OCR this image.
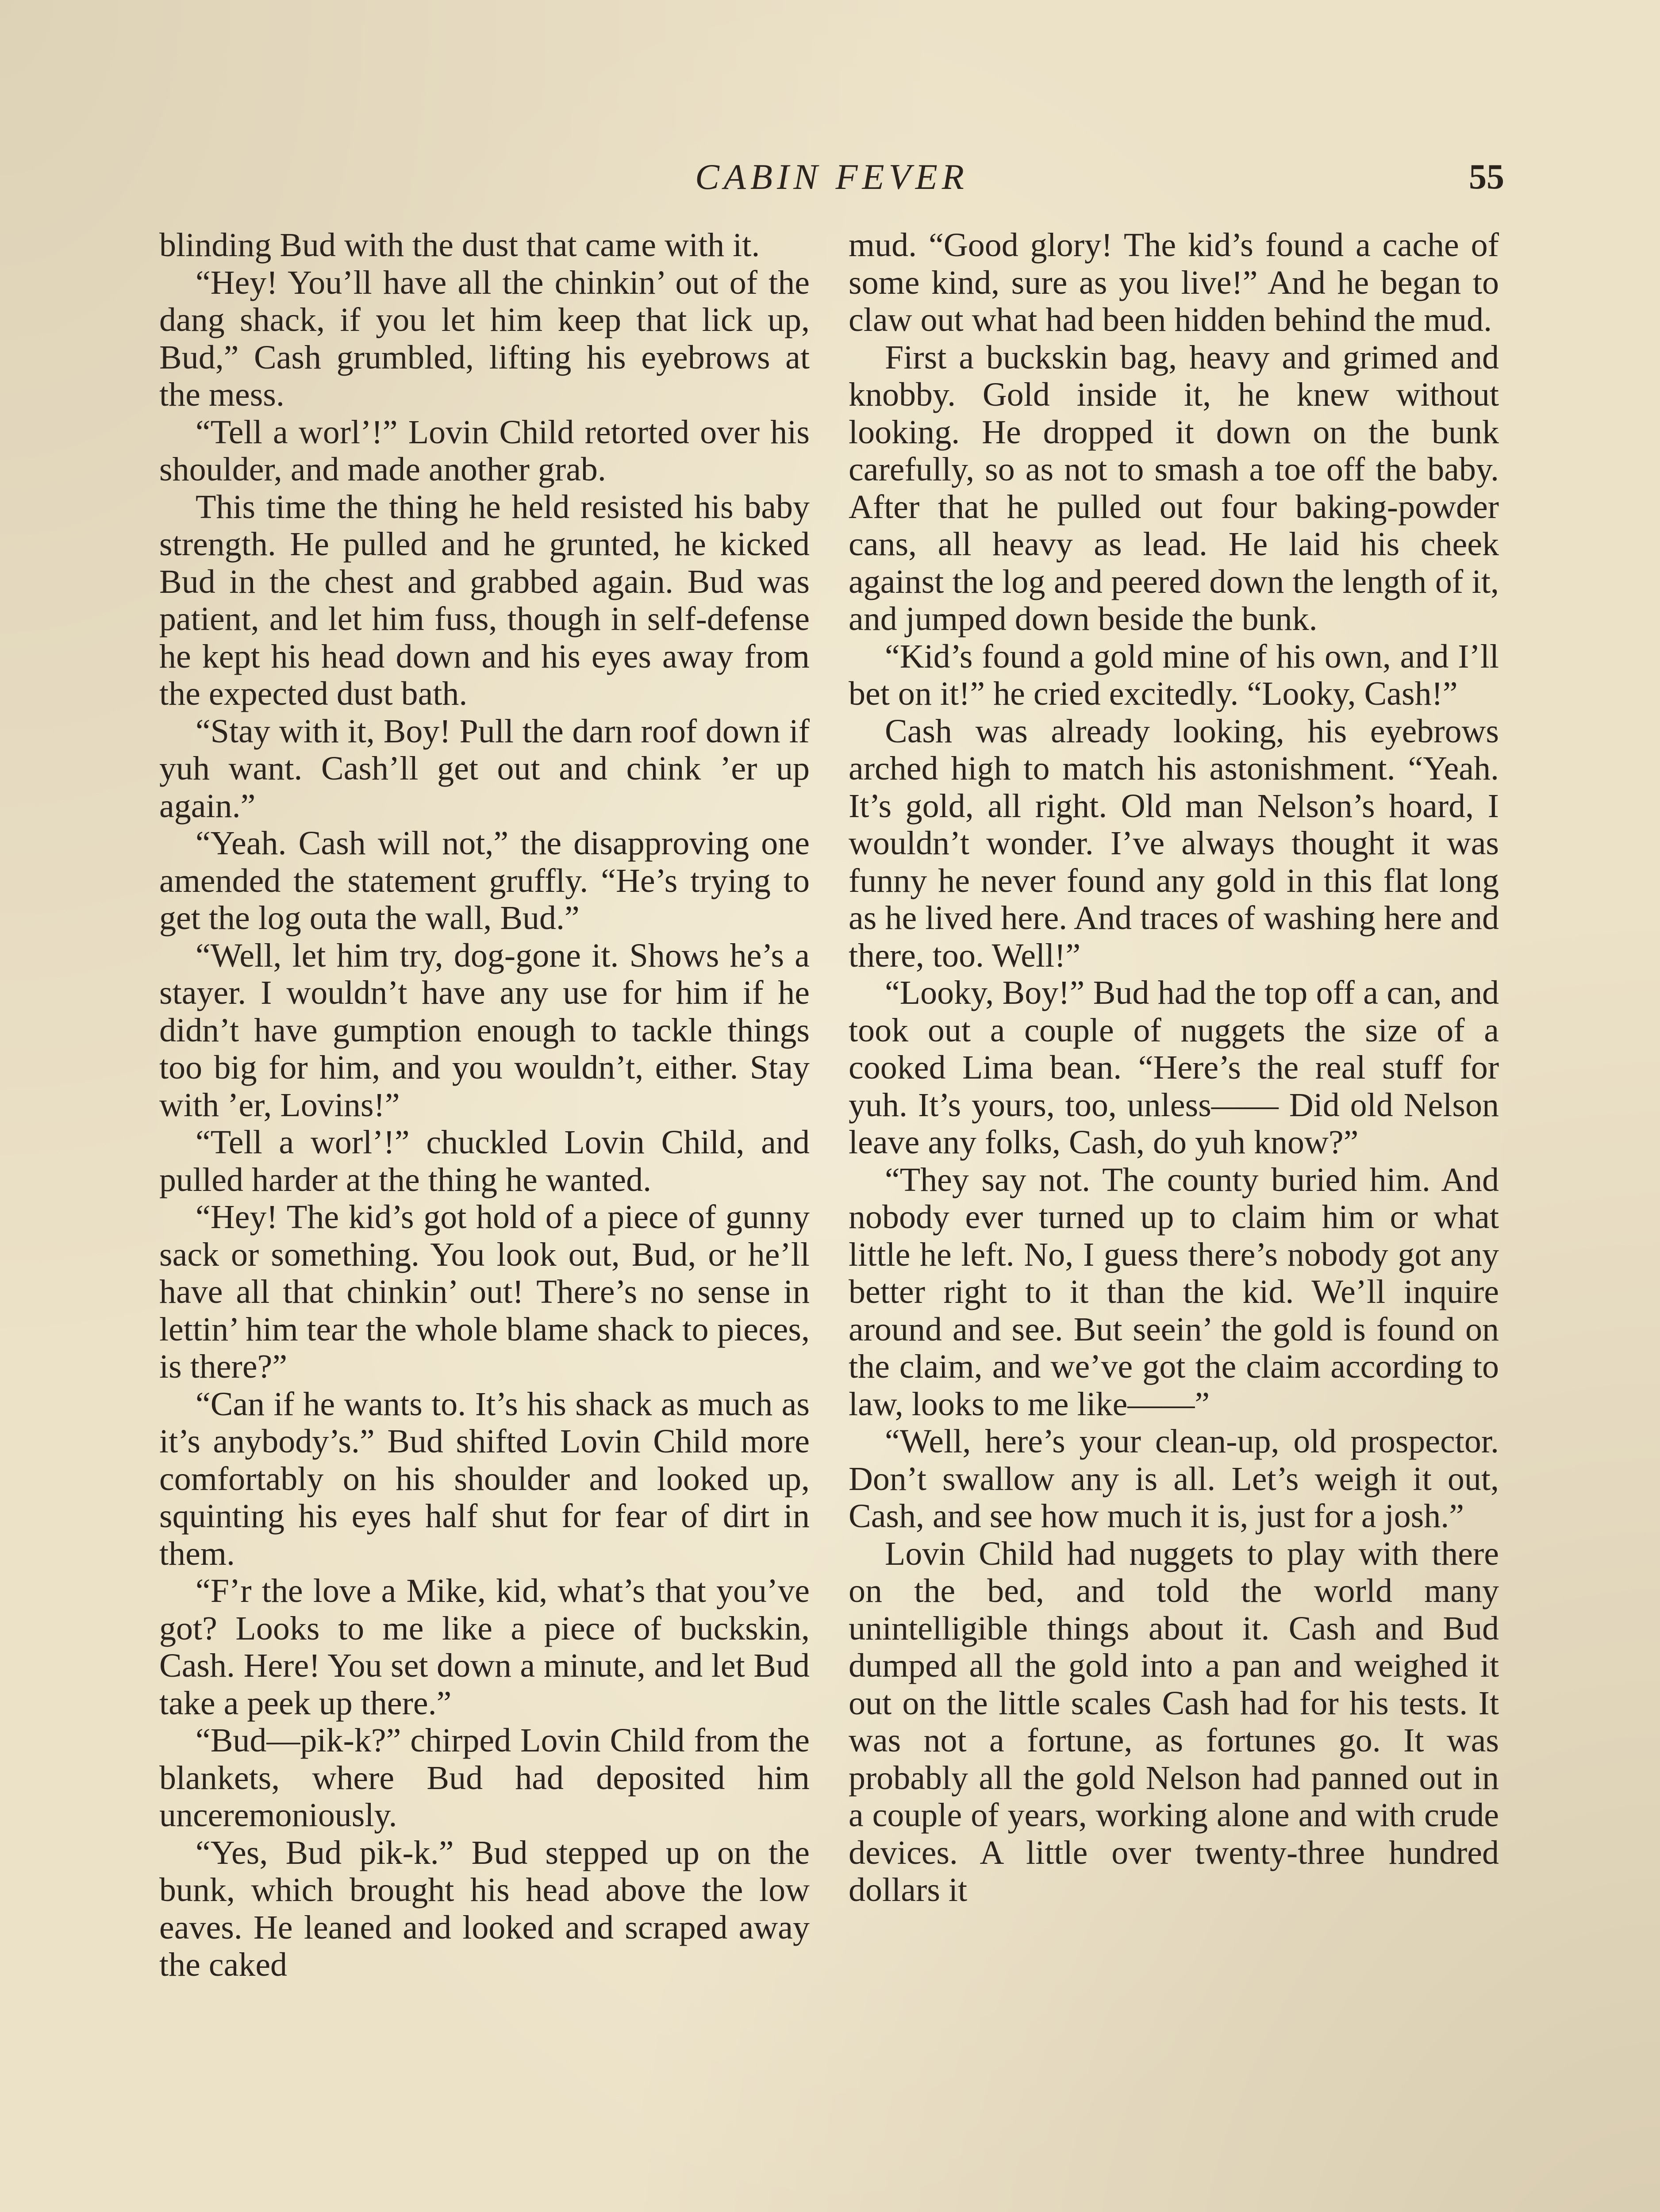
CABIN FEVER	55

blinding Bud with the dust that came with it.

“Hey! You’ll have all the chinkin’ out of the dang shack, if you let him keep that lick up, Bud,” Cash grumbled, lifting his eyebrows at the mess.

“Tell a worl’!” Lovin Child retorted over his shoulder, and made another grab.

This time the thing he held resisted his baby strength. He pulled and he grunted, he kicked Bud in the chest and grabbed again. Bud was patient, and let him fuss, though in self-defense he kept his head down and his eyes away from the expected dust bath.

“Stay with it, Boy! Pull the darn roof down if yuh want. Cash’ll get out and chink ’er up again.”

“Yeah. Cash will not,” the disapproving one amended the statement gruffly. “He’s trying to get the log outa the wall, Bud.”

“Well, let him try, dog-gone it. Shows he’s a stayer. I wouldn’t have any use for him if he didn’t have gumption enough to tackle things too big for him, and you wouldn’t, either. Stay with ’er, Lovins!”

“Tell a worl’!” chuckled Lovin Child, and pulled harder at the thing he wanted.

“Hey! The kid’s got hold of a piece of gunny sack or something. You look out, Bud, or he’ll have all that chinkin’ out! There’s no sense in lettin’ him tear the whole blame shack to pieces, is there?”

“Can if he wants to. It’s his shack as much as it’s anybody’s.” Bud shifted Lovin Child more comfortably on his shoulder and looked up, squinting his eyes half shut for fear of dirt in them.

“F’r the love a Mike, kid, what’s that you’ve got? Looks to me like a piece of buckskin, Cash. Here! You set down a minute, and let Bud take a peek up there.”

“Bud—pik-k?” chirped Lovin Child from the blankets, where Bud had deposited him unceremoniously.

“Yes, Bud pik-k.” Bud stepped up on the bunk, which brought his head above the low eaves. He leaned and looked and scraped away the caked

mud. “Good glory! The kid’s found a cache of some kind, sure as you live!” And he began to claw out what had been hidden behind the mud.

First a buckskin bag, heavy and grimed and knobby. Gold inside it, he knew without looking. He dropped it down on the bunk carefully, so as not to smash a toe off the baby. After that he pulled out four baking-powder cans, all heavy as lead. He laid his cheek against the log and peered down the length of it, and jumped down beside the bunk.

“Kid’s found a gold mine of his own, and I’ll bet on it!” he cried excitedly. “Looky, Cash!”

Cash was already looking, his eyebrows arched high to match his astonishment. “Yeah. It’s gold, all right. Old man Nelson’s hoard, I wouldn’t wonder. I’ve always thought it was funny he never found any gold in this flat long as he lived here. And traces of washing here and there, too. Well!”

“Looky, Boy!” Bud had the top off a can, and took out a couple of nuggets the size of a cooked Lima bean. “Here’s the real stuff for yuh. It’s yours, too, unless—— Did old Nelson leave any folks, Cash, do yuh know?”

“They say not. The county buried him. And nobody ever turned up to claim him or what little he left. No, I guess there’s nobody got any better right to it than the kid. We’ll inquire around and see. But seein’ the gold is found on the claim, and we’ve got the claim according to law, looks to me like——”

“Well, here’s your clean-up, old prospector. Don’t swallow any is all. Let’s weigh it out, Cash, and see how much it is, just for a josh.”

Lovin Child had nuggets to play with there on the bed, and told the world many unintelligible things about it. Cash and Bud dumped all the gold into a pan and weighed it out on the little scales Cash had for his tests. It was not a fortune, as fortunes go. It was probably all the gold Nelson had panned out in a couple of years, working alone and with crude devices. A little over twenty-three hundred dollars it
